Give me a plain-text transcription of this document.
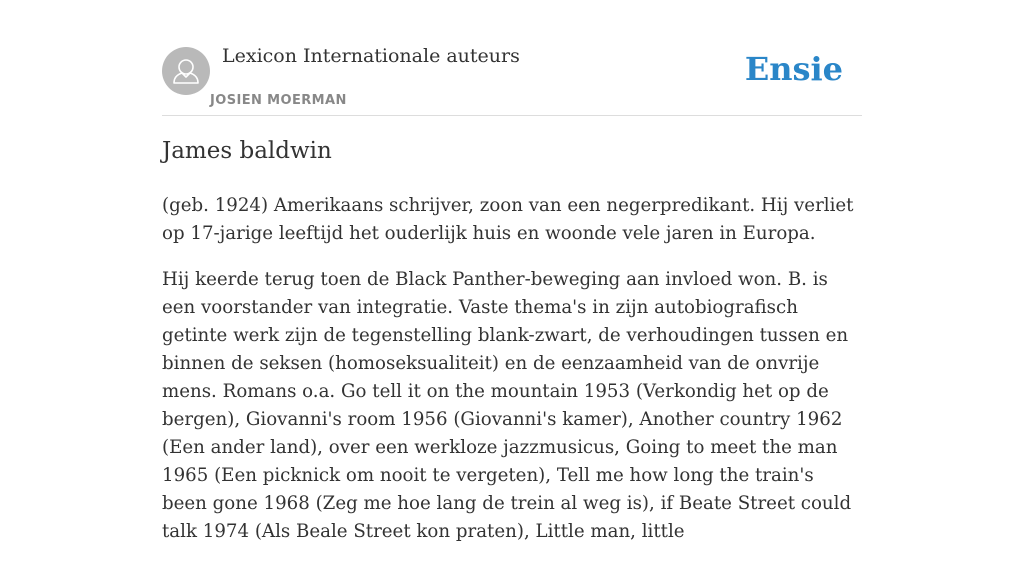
Lexicon Internationale auteurs
JOSIEN MOERMAN
Ensie
James baldwin

(geb. 1924) Amerikaans schrijver, zoon van een negerpredikant. Hij verliet op 17-jarige leeftijd het ouderlijk huis en woonde vele jaren in Europa.

Hij keerde terug toen de Black Panther-beweging aan invloed won. B. is een voorstander van integratie. Vaste thema's in zijn autobiografisch getinte werk zijn de tegenstelling blank-zwart, de verhoudingen tussen en binnen de seksen (homoseksualiteit) en de eenzaamheid van de onvrije mens. Romans o.a. Go tell it on the mountain 1953 (Verkondig het op de bergen), Giovanni's room 1956 (Giovanni's kamer), Another country 1962 (Een ander land), over een werkloze jazzmusicus, Going to meet the man 1965 (Een picknick om nooit te vergeten), Tell me how long the train's been gone 1968 (Zeg me hoe lang de trein al weg is), if Beate Street could talk 1974 (Als Beale Street kon praten), Little man, little
